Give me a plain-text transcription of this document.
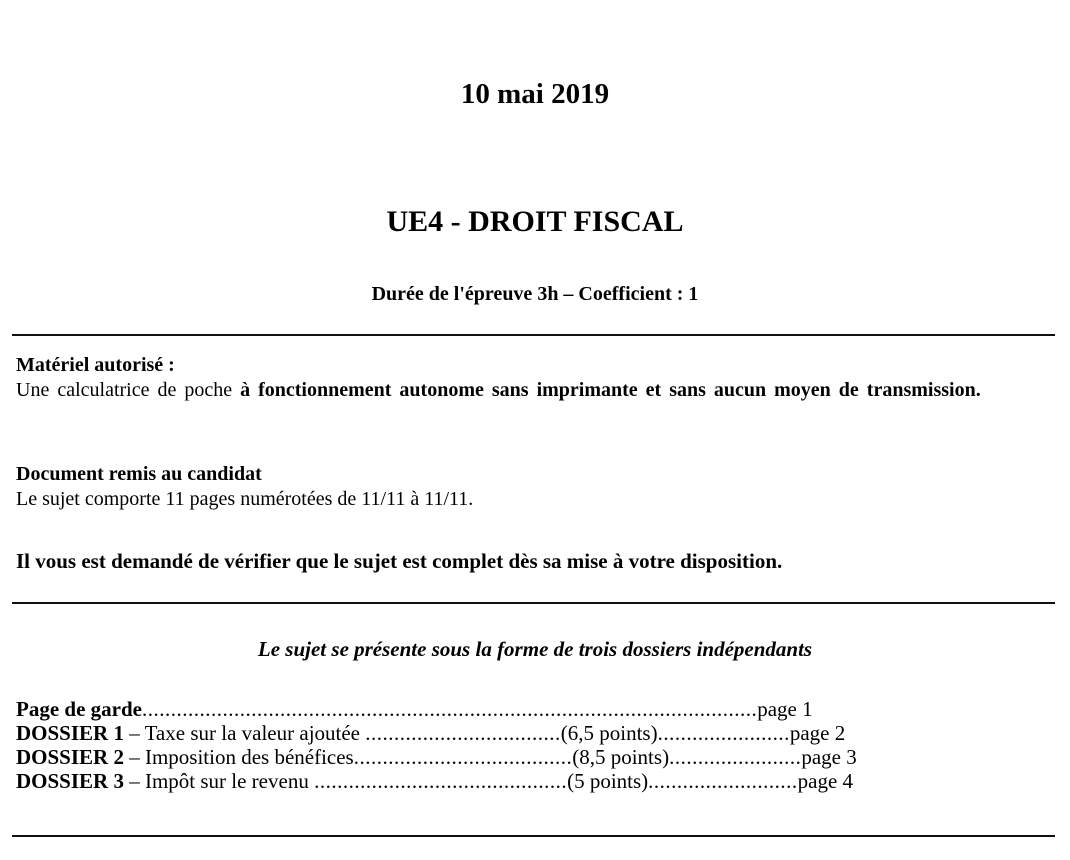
10 mai 2019
UE4 - DROIT FISCAL
Durée de l'épreuve 3h – Coefficient : 1
Matériel autorisé :
Une calculatrice de poche à fonctionnement autonome sans imprimante et sans aucun moyen de transmission.
Document remis au candidat
Le sujet comporte 11 pages numérotées de 11/11 à 11/11.
Il vous est demandé de vérifier que le sujet est complet dès sa mise à votre disposition.
Le sujet se présente sous la forme de trois dossiers indépendants
Page de garde...........................................................................................................page 1
DOSSIER 1 – Taxe sur la valeur ajoutée ..................................(6,5 points).......................page 2
DOSSIER 2 – Imposition des bénéfices......................................(8,5 points).......................page 3
DOSSIER 3 – Impôt sur le revenu ............................................(5 points)..........................page 4
